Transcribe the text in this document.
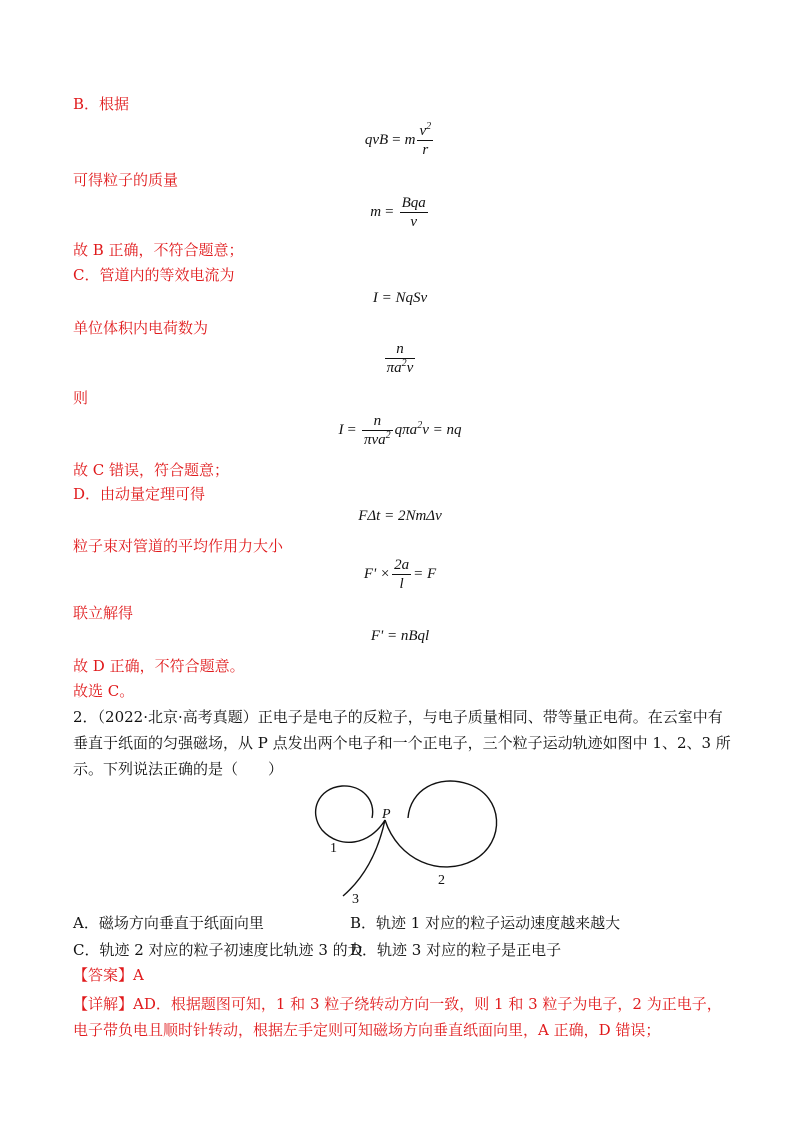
B．根据
qvB = m $\frac{v^2}{r}$
可得粒子的质量
$m = \frac{\text{Bqa}}{v}$
故 B 正确，不符合题意；
C．管道内的等效电流为
I = NqSv
单位体积内电荷数为
$\frac{n}{\pi a^2v}$
则
$I = \frac{n}{\pi va^2} q\pi a^2v$ = nq
故 C 错误，符合题意；
D．由动量定理可得
FΔt = 2NmΔv
粒子束对管道的平均作用力大小
$F' \times \frac{2a}{l} = F$
联立解得
F' = nBql
故 D 正确，不符合题意。
故选 C。
2．（2022·北京·高考真题）正电子是电子的反粒子，与电子质量相同、带等量正电荷。在云室中有垂直于纸面的匀强磁场，从 P 点发出两个电子和一个正电子，三个粒子运动轨迹如图中 1、2、3 所示。下列说法正确的是（　　）
P
1
2
3
A．磁场方向垂直于纸面向里	B．轨迹 1 对应的粒子运动速度越来越大
C．轨迹 2 对应的粒子初速度比轨迹 3 的大
D．轨迹 3 对应的粒子是正电子
【答案】A
【详解】AD．根据题图可知，1 和 3 粒子绕转动方向一致，则 1 和 3 粒子为电子，2 为正电子，电子带负电且顺时针转动，根据左手定则可知磁场方向垂直纸面向里，A 正确，D 错误；
